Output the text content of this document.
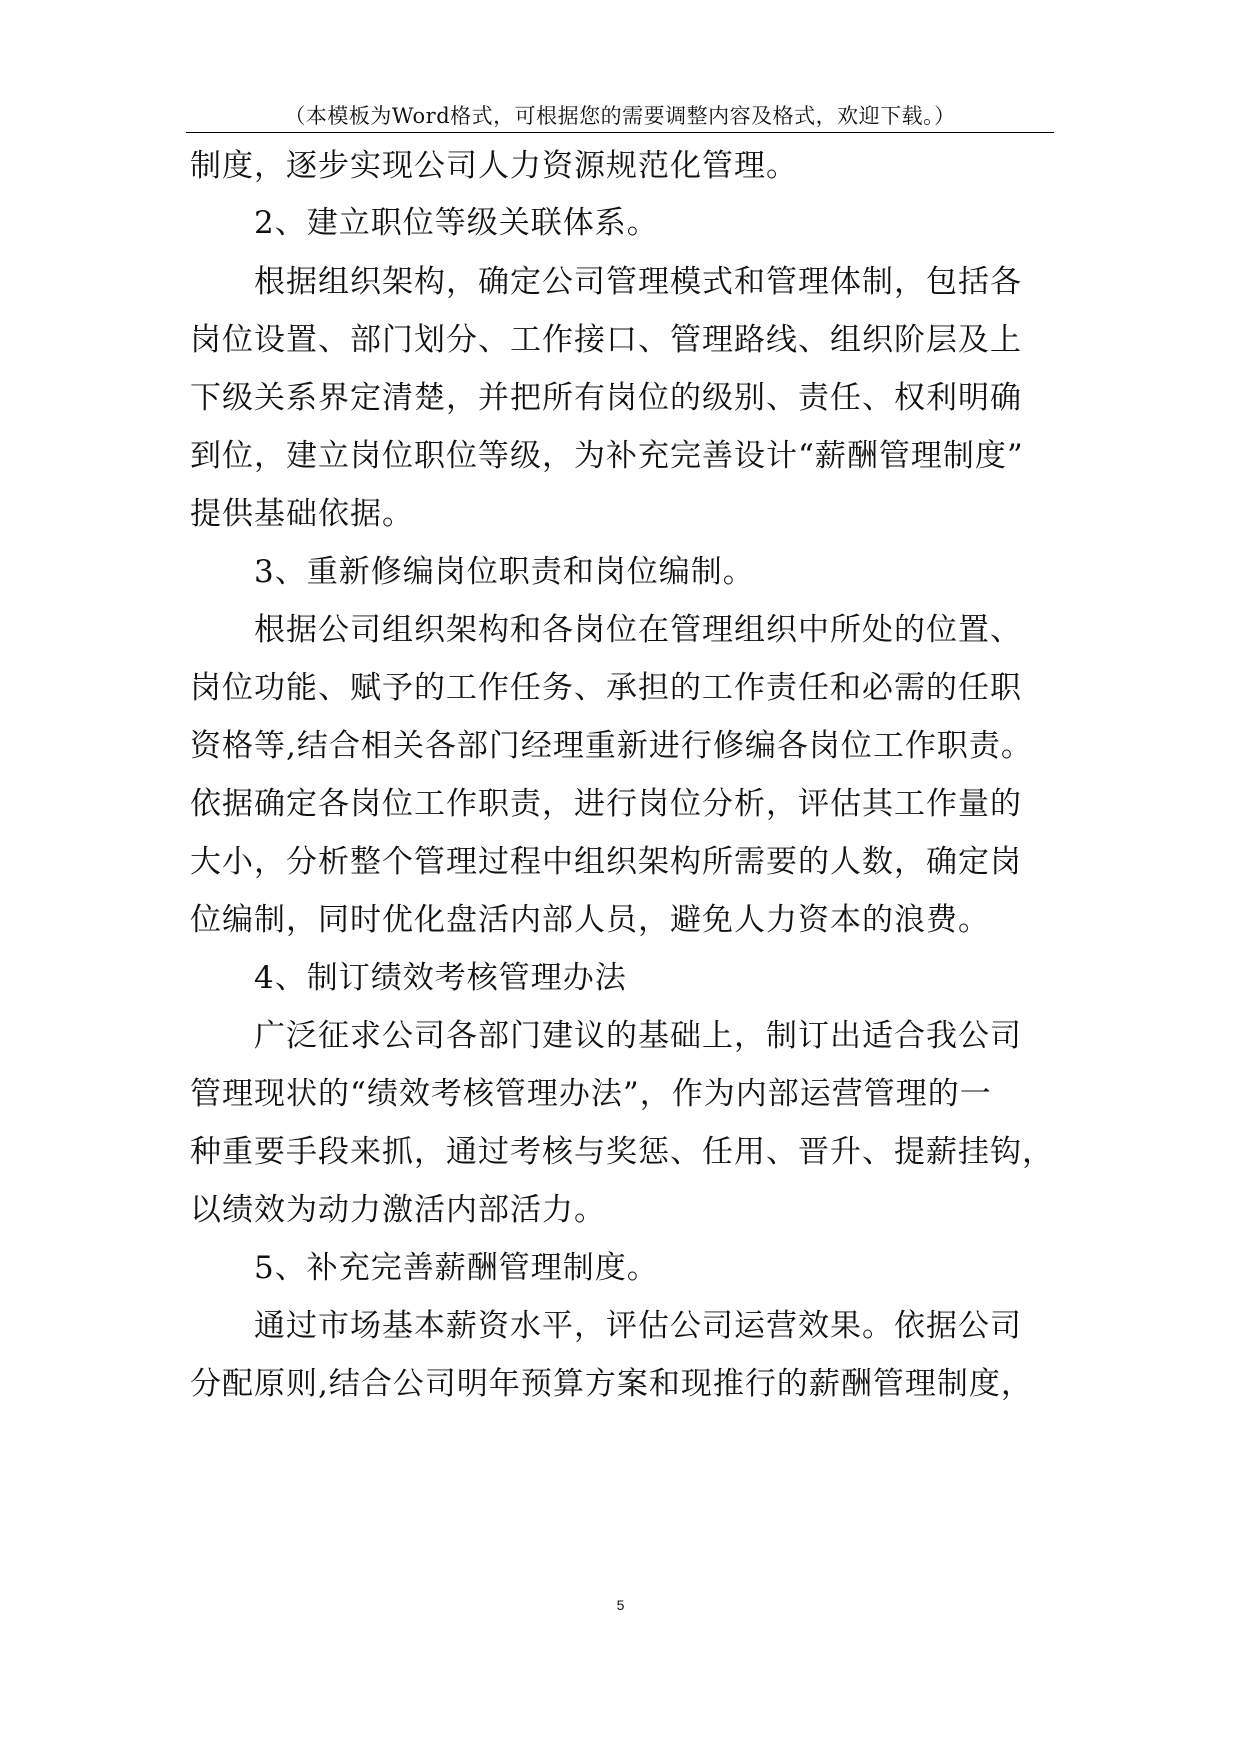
（本模板为Word格式，可根据您的需要调整内容及格式，欢迎下载。）
制度，逐步实现公司人力资源规范化管理。
2、建立职位等级关联体系。
根据组织架构，确定公司管理模式和管理体制，包括各
岗位设置、部门划分、工作接口、管理路线、组织阶层及上
下级关系界定清楚，并把所有岗位的级别、责任、权利明确
到位，建立岗位职位等级，为补充完善设计“薪酬管理制度”
提供基础依据。
3、重新修编岗位职责和岗位编制。
根据公司组织架构和各岗位在管理组织中所处的位置、
岗位功能、赋予的工作任务、承担的工作责任和必需的任职
资格等,结合相关各部门经理重新进行修编各岗位工作职责。
依据确定各岗位工作职责，进行岗位分析，评估其工作量的
大小，分析整个管理过程中组织架构所需要的人数，确定岗
位编制，同时优化盘活内部人员，避免人力资本的浪费。
4、制订绩效考核管理办法
广泛征求公司各部门建议的基础上，制订出适合我公司
管理现状的“绩效考核管理办法”，作为内部运营管理的一
种重要手段来抓，通过考核与奖惩、任用、晋升、提薪挂钩，
以绩效为动力激活内部活力。
5、补充完善薪酬管理制度。
通过市场基本薪资水平，评估公司运营效果。依据公司
分配原则,结合公司明年预算方案和现推行的薪酬管理制度，
5
